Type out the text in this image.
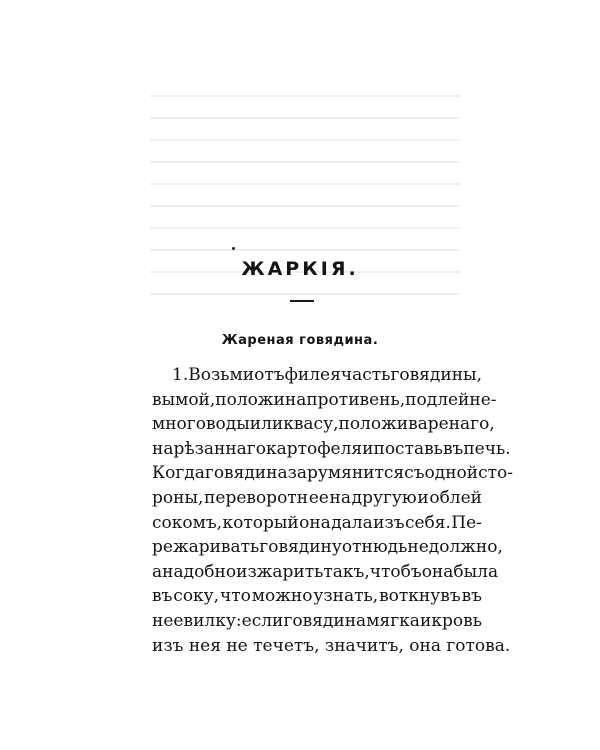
ЖАРКІЯ.
Жареная говядина.
1. Возьми отъ филея часть говядины,
вымой, положи на противень, подлей не-
много воды или квасу, положи варенаго,
нарѣзаннаго картофеля и поставь въ печь.
Когда говядина зарумянится съ одной сто-
роны, переворотн ее на другую и облей
сокомъ, который она дала изъ себя. Пе-
режаривать говядину отнюдь не должно,
а надобно изжарить такъ, чтобъ она была
въ соку, что можно узнать, воткнувъ въ
нее вилку: если говядина мягка и кровь
изъ нея не течетъ, значитъ, она готова.
